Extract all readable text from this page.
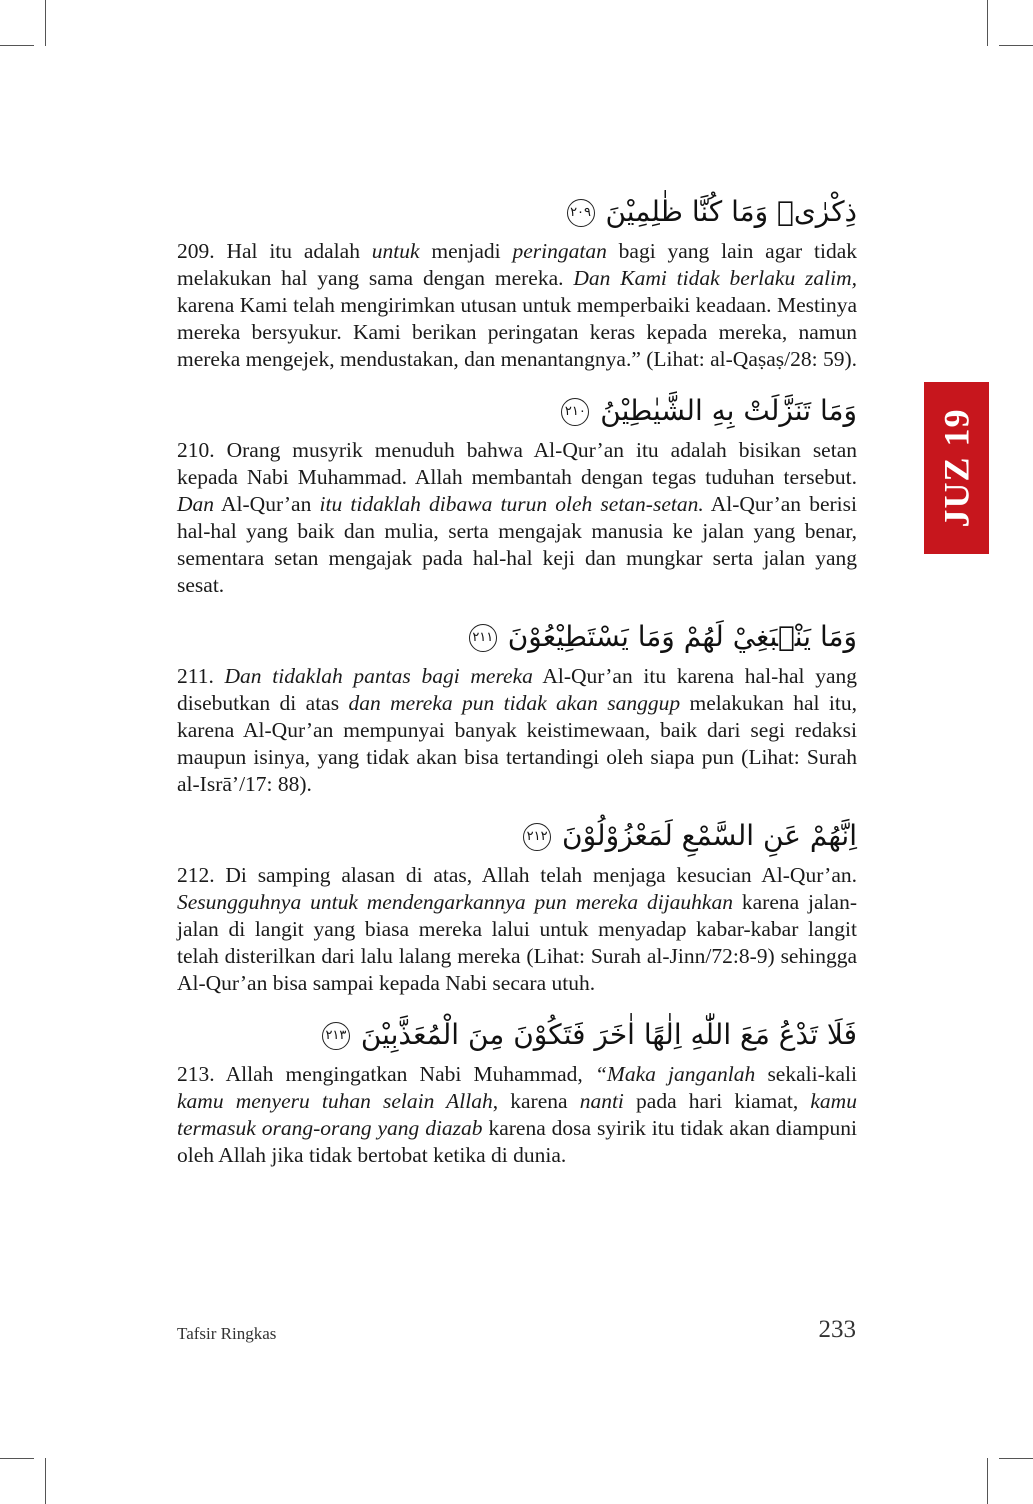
JUZ 19
ذِكْرٰىۚ وَمَا كُنَّا ظٰلِمِيْنَ ٢٠٩

209. Hal itu adalah untuk menjadi peringatan bagi yang lain agar tidak melakukan hal yang sama dengan mereka. Dan Kami tidak berlaku zalim, karena Kami telah mengirimkan utusan untuk memperbaiki keadaan. Mestinya mereka bersyukur. Kami berikan peringatan keras kepada mereka, namun mereka mengejek, mendustakan, dan menantangnya.” (Lihat: al-Qaṣaṣ/28: 59).

وَمَا تَنَزَّلَتْ بِهِ الشَّيٰطِيْنُ ٢١٠

210. Orang musyrik menuduh bahwa Al-Qur’an itu adalah bisikan setan kepada Nabi Muhammad. Allah membantah dengan tegas tuduhan tersebut. Dan Al-Qur’an itu tidaklah dibawa turun oleh setan-setan. Al-Qur’an berisi hal-hal yang baik dan mulia, serta mengajak manusia ke jalan yang benar, sementara setan mengajak pada hal-hal keji dan mungkar serta jalan yang sesat.

وَمَا يَنْۢبَغِيْ لَهُمْ وَمَا يَسْتَطِيْعُوْنَ ٢١١

211. Dan tidaklah pantas bagi mereka Al-Qur’an itu karena hal-hal yang disebutkan di atas dan mereka pun tidak akan sanggup melakukan hal itu, karena Al-Qur’an mempunyai banyak keistimewaan, baik dari segi redaksi maupun isinya, yang tidak akan bisa tertandingi oleh siapa pun (Lihat: Surah al-Isrā’/17: 88).

اِنَّهُمْ عَنِ السَّمْعِ لَمَعْزُوْلُوْنَ ٢١٢

212. Di samping alasan di atas, Allah telah menjaga kesucian Al-Qur’an. Sesungguhnya untuk mendengarkannya pun mereka dijauhkan karena jalan-jalan di langit yang biasa mereka lalui untuk menyadap kabar-kabar langit telah disterilkan dari lalu lalang mereka (Lihat: Surah al-Jinn/72:8-9) sehingga Al-Qur’an bisa sampai kepada Nabi secara utuh.

فَلَا تَدْعُ مَعَ اللّٰهِ اِلٰهًا اٰخَرَ فَتَكُوْنَ مِنَ الْمُعَذَّبِيْنَ ٢١٣

213. Allah mengingatkan Nabi Muhammad, “Maka janganlah sekali-kali kamu menyeru tuhan selain Allah, karena nanti pada hari kiamat, kamu termasuk orang-orang yang diazab karena dosa syirik itu tidak akan diampuni oleh Allah jika tidak bertobat ketika di dunia.

Tafsir Ringkas	233
